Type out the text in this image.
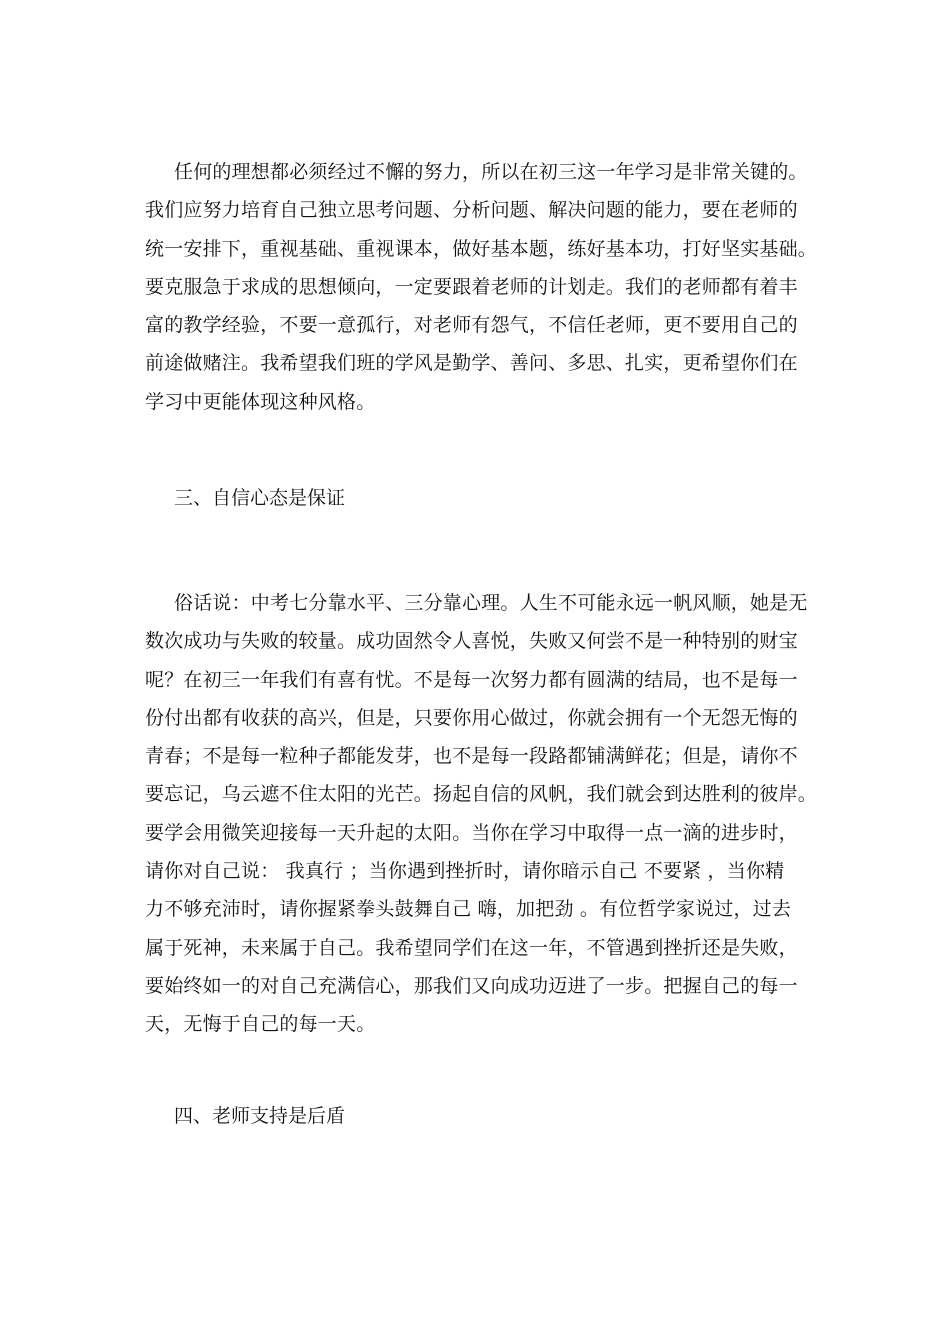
任何的理想都必须经过不懈的努力，所以在初三这一年学习是非常关键的。
我们应努力培育自己独立思考问题、分析问题、解决问题的能力，要在老师的
统一安排下，重视基础、重视课本，做好基本题，练好基本功，打好坚实基础。
要克服急于求成的思想倾向，一定要跟着老师的计划走。我们的老师都有着丰
富的教学经验，不要一意孤行，对老师有怨气，不信任老师，更不要用自己的
前途做赌注。我希望我们班的学风是勤学、善问、多思、扎实，更希望你们在
学习中更能体现这种风格。
三、自信心态是保证
俗话说：中考七分靠水平、三分靠心理。人生不可能永远一帆风顺，她是无
数次成功与失败的较量。成功固然令人喜悦，失败又何尝不是一种特别的财宝
呢？在初三一年我们有喜有忧。不是每一次努力都有圆满的结局，也不是每一
份付出都有收获的高兴，但是，只要你用心做过，你就会拥有一个无怨无悔的
青春；不是每一粒种子都能发芽，也不是每一段路都铺满鲜花；但是，请你不
要忘记，乌云遮不住太阳的光芒。扬起自信的风帆，我们就会到达胜利的彼岸。
要学会用微笑迎接每一天升起的太阳。当你在学习中取得一点一滴的进步时，
请你对自己说： 我真行 ；当你遇到挫折时，请你暗示自己 不要紧 ，当你精
力不够充沛时，请你握紧拳头鼓舞自己 嗨，加把劲 。有位哲学家说过，过去
属于死神，未来属于自己。我希望同学们在这一年，不管遇到挫折还是失败，
要始终如一的对自己充满信心，那我们又向成功迈进了一步。把握自己的每一
天，无悔于自己的每一天。
四、老师支持是后盾
